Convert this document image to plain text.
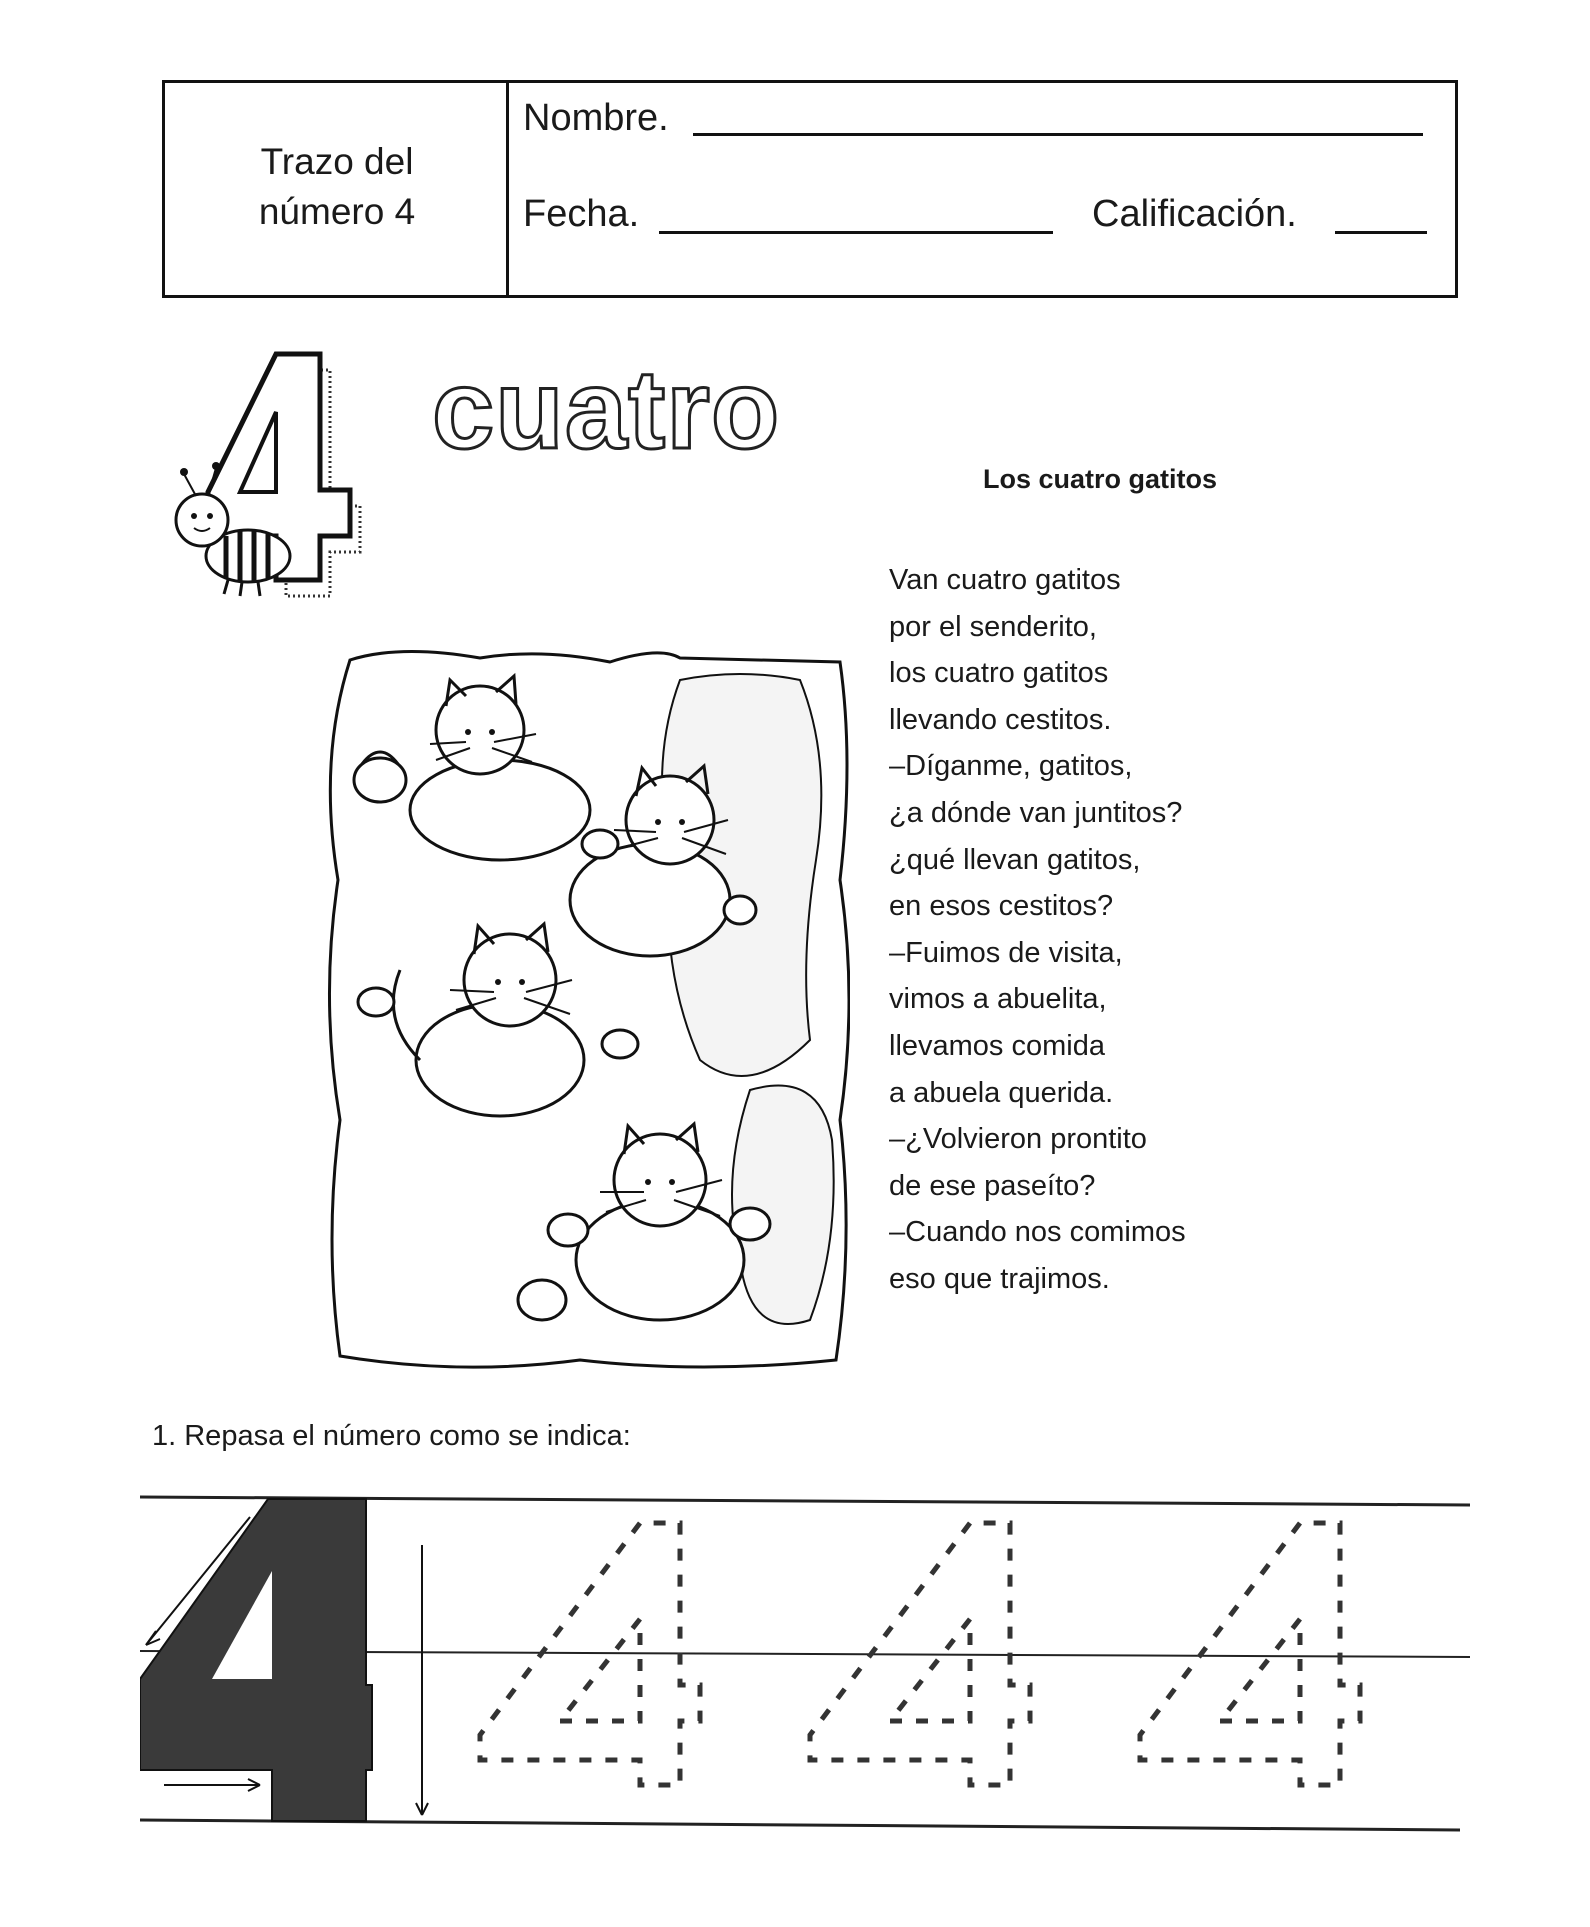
Trazo del
número 4
Nombre.
Fecha.	Calificación.
cuatro
Los cuatro gatitos
Van cuatro gatitos
por el senderito,
los cuatro gatitos
llevando cestitos.
–Díganme, gatitos,
¿a dónde van juntitos?
¿qué llevan gatitos,
en esos cestitos?
–Fuimos de visita,
vimos a abuelita,
llevamos comida
a abuela querida.
–¿Volvieron prontito
de ese paseíto?
–Cuando nos comimos
eso que trajimos.
1. Repasa el número como se indica:
